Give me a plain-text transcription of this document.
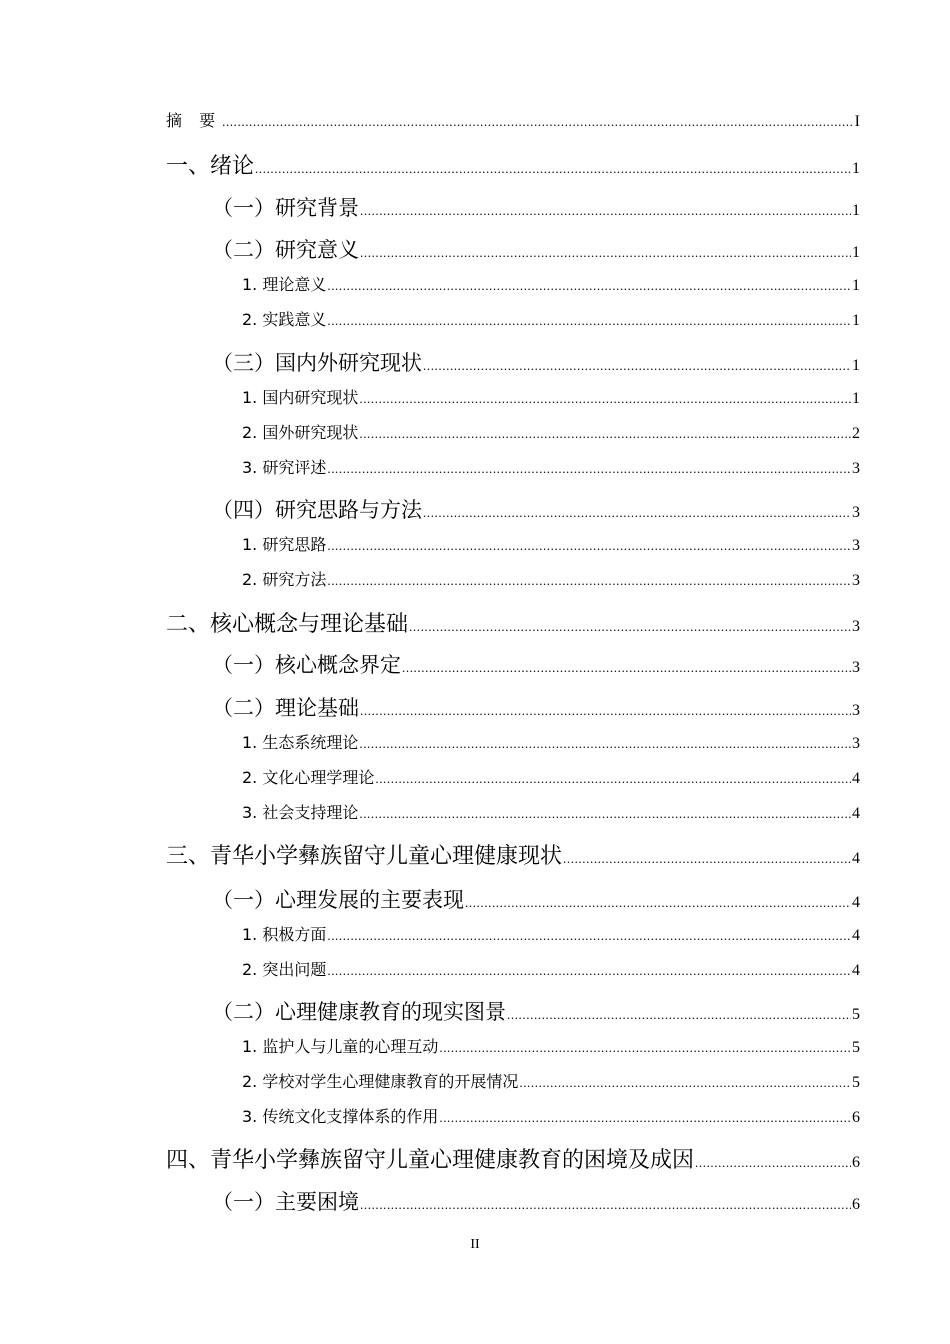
摘 要 .....	I
一、绪论 .....	1
（一）研究背景 .....	1
（二）研究意义 .....	1
1. 理论意义 .....	1
2. 实践意义 .....	1
（三）国内外研究现状 .....	1
1. 国内研究现状 .....	1
2. 国外研究现状 .....	2
3. 研究评述 .....	3
（四）研究思路与方法 .....	3
1. 研究思路 .....	3
2. 研究方法 .....	3
二、核心概念与理论基础 .....	3
（一）核心概念界定 .....	3
（二）理论基础 .....	3
1. 生态系统理论 .....	3
2. 文化心理学理论 .....	4
3. 社会支持理论 .....	4
三、青华小学彝族留守儿童心理健康现状 .....	4
（一）心理发展的主要表现 .....	4
1. 积极方面 .....	4
2. 突出问题 .....	4
（二）心理健康教育的现实图景 .....	5
1. 监护人与儿童的心理互动 .....	5
2. 学校对学生心理健康教育的开展情况 .....	5
3. 传统文化支撑体系的作用 .....	6
四、青华小学彝族留守儿童心理健康教育的困境及成因 .....	6
（一）主要困境 .....	6
II
